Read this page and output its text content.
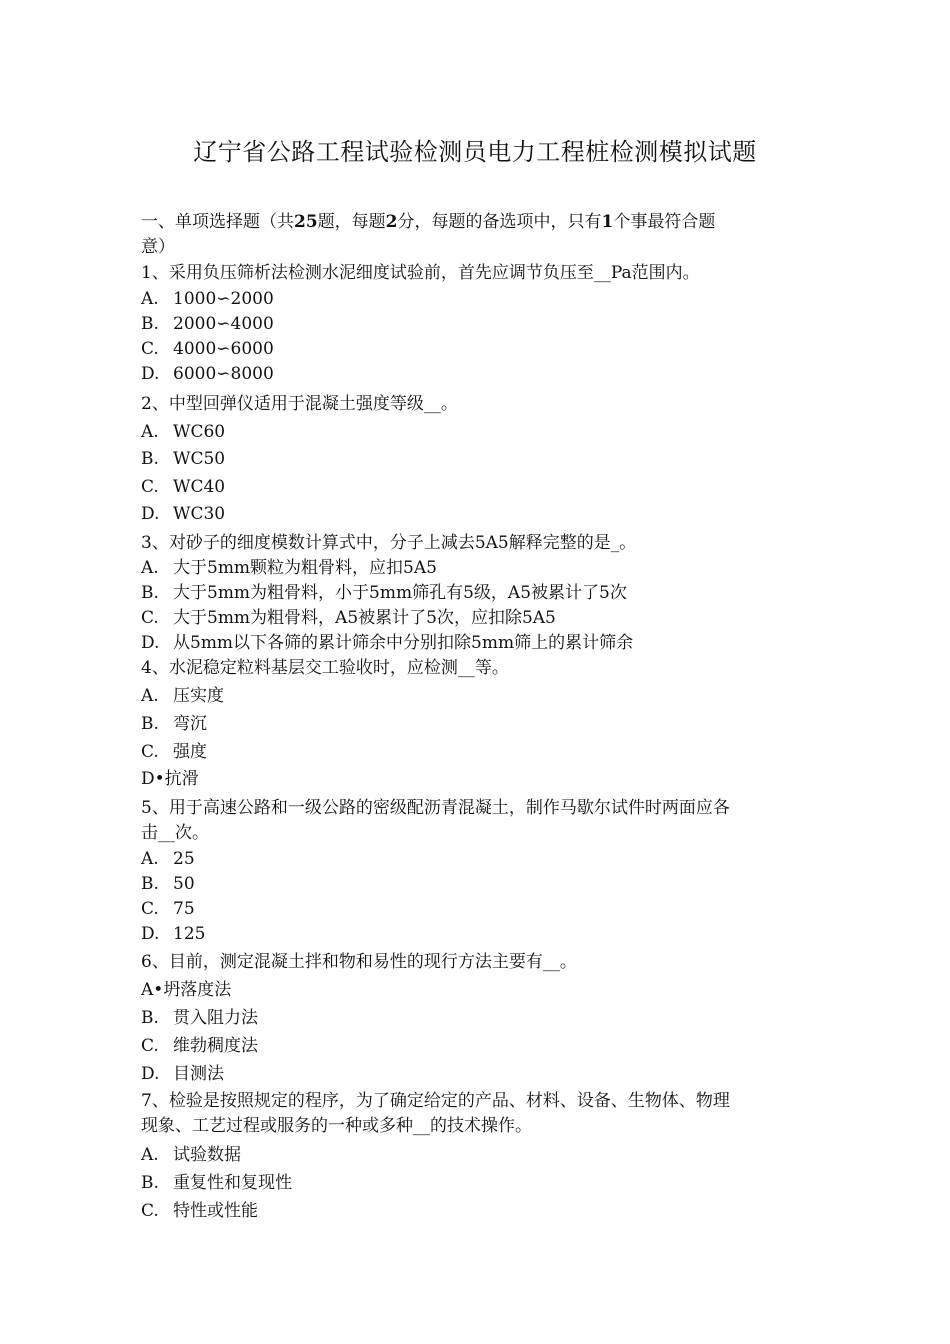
辽宁省公路工程试验检测员电力工程桩检测模拟试题
一、单项选择题（共25题，每题2分，每题的备选项中，只有1个事最符合题
意）
1、采用负压筛析法检测水泥细度试验前，首先应调节负压至__Pa范围内。
A. 1000∽2000
B. 2000∽4000
C. 4000∽6000
D. 6000∽8000
2、中型回弹仪适用于混凝土强度等级__。
A. WC60
B. WC50
C. WC40
D. WC30
3、对砂子的细度模数计算式中，分子上减去5A5解释完整的是_。
A. 大于5mm颗粒为粗骨料，应扣5A5
B. 大于5mm为粗骨料，小于5mm筛孔有5级，A5被累计了5次
C. 大于5mm为粗骨料，A5被累计了5次，应扣除5A5
D. 从5mm以下各筛的累计筛余中分别扣除5mm筛上的累计筛余
4、水泥稳定粒料基层交工验收时，应检测__等。
A. 压实度
B. 弯沉
C. 强度
D•抗滑
5、用于高速公路和一级公路的密级配沥青混凝土，制作马歇尔试件时两面应各
击__次。
A. 25
B. 50
C. 75
D. 125
6、目前，测定混凝土拌和物和易性的现行方法主要有__。
A•坍落度法
B. 贯入阻力法
C. 维勃稠度法
D. 目测法
7、检验是按照规定的程序，为了确定给定的产品、材料、设备、生物体、物理
现象、工艺过程或服务的一种或多种__的技术操作。
A. 试验数据
B. 重复性和复现性
C. 特性或性能
